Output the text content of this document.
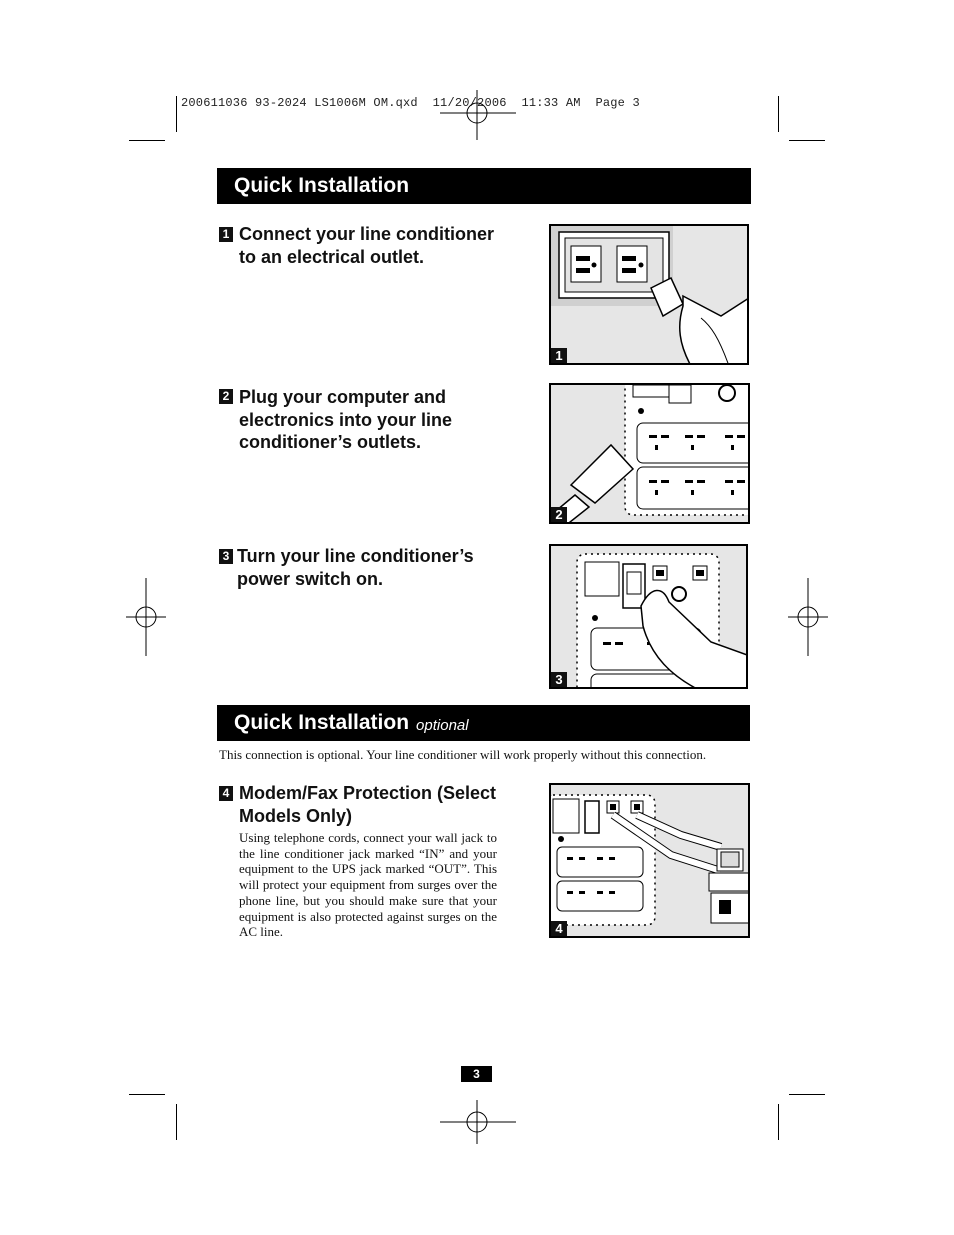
200611036 93-2024 LS1006M OM.qxd  11/20/2006  11:33 AM  Page 3
Quick Installation
1 Connect your line conditioner to an electrical outlet.
1
2 Plug your computer and electronics into your line conditioner’s outlets.
2
3 Turn your line conditioner’s power switch on.
3
Quick Installation optional
This connection is optional. Your line conditioner will work properly without this connection.
4 Modem/Fax Protection (Select Models Only)
Using telephone cords, connect your wall jack to the line conditioner jack marked “IN” and your equipment to the UPS jack marked “OUT”. This will protect your equipment from surges over the phone line, but you should make sure that your equipment is also protected against surges on the AC line.	4
3
